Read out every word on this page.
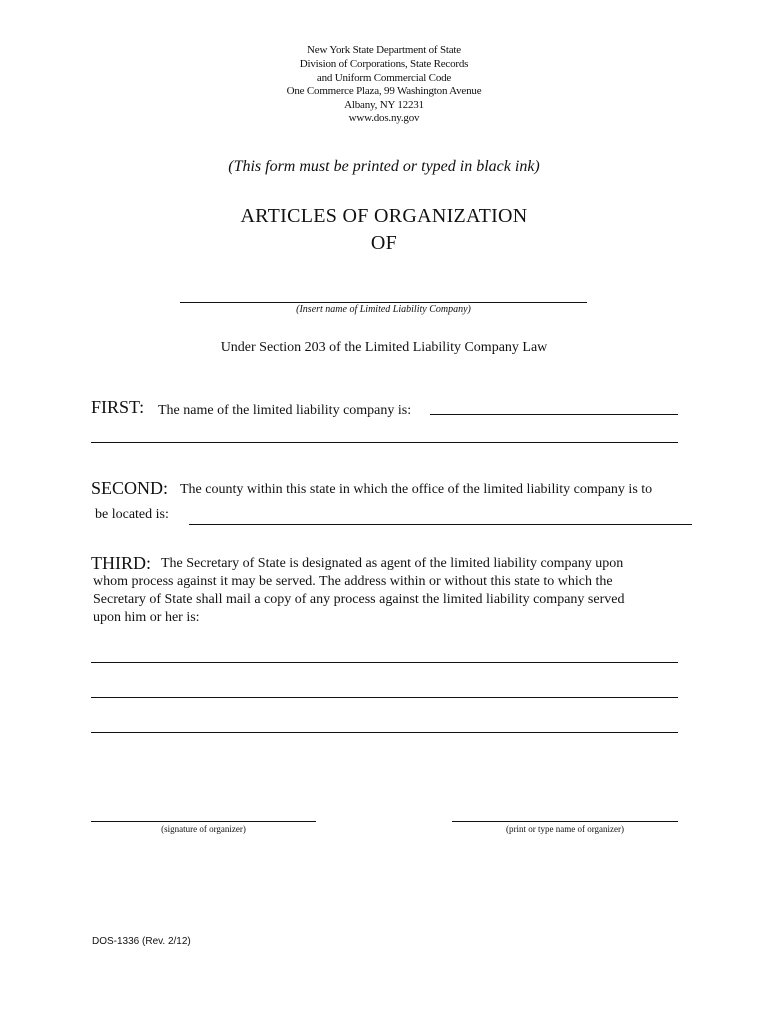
New York State Department of State
Division of Corporations, State Records
and Uniform Commercial Code
One Commerce Plaza, 99 Washington Avenue
Albany, NY 12231
www.dos.ny.gov
(This form must be printed or typed in black ink)
ARTICLES OF ORGANIZATION
OF
(Insert name of Limited Liability Company)
Under Section 203 of the Limited Liability Company Law
FIRST: The name of the limited liability company is:
SECOND: The county within this state in which the office of the limited liability company is to
be located is:
THIRD: The Secretary of State is designated as agent of the limited liability company upon
whom process against it may be served. The address within or without this state to which the
Secretary of State shall mail a copy of any process against the limited liability company served
upon him or her is:
(signature of organizer)	(print or type name of organizer)
DOS-1336 (Rev. 2/12)
